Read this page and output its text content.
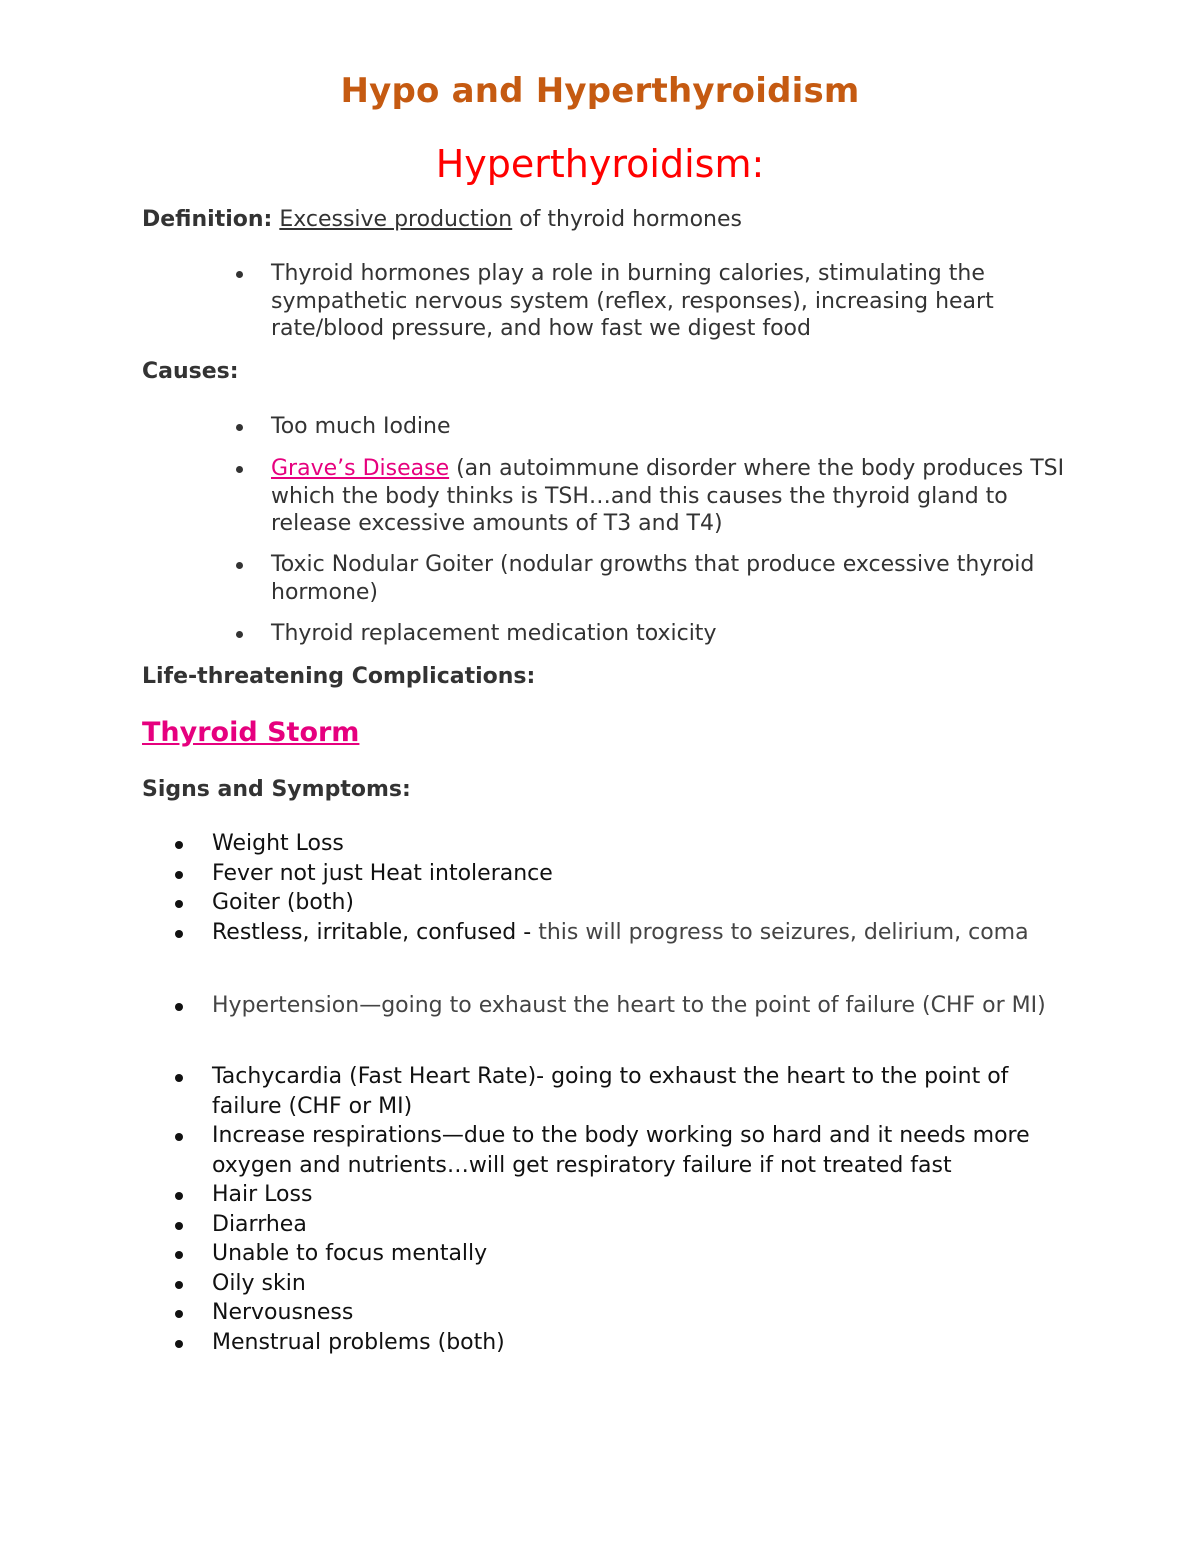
Hypo and Hyperthyroidism
Hyperthyroidism:

Definition: Excessive production of thyroid hormones

Thyroid hormones play a role in burning calories, stimulating the sympathetic nervous system (reflex, responses), increasing heart rate/blood pressure, and how fast we digest food

Causes:

Too much Iodine
Grave’s Disease (an autoimmune disorder where the body produces TSI which the body thinks is TSH…and this causes the thyroid gland to release excessive amounts of T3 and T4)
Toxic Nodular Goiter (nodular growths that produce excessive thyroid hormone)
Thyroid replacement medication toxicity

Life-threatening Complications:

Thyroid Storm

Signs and Symptoms:

Weight Loss
Fever not just Heat intolerance
Goiter (both)
Restless, irritable, confused - this will progress to seizures, delirium, coma
Hypertension—going to exhaust the heart to the point of failure (CHF or MI)
Tachycardia (Fast Heart Rate)- going to exhaust the heart to the point of failure (CHF or MI)
Increase respirations—due to the body working so hard and it needs more oxygen and nutrients…will get respiratory failure if not treated fast
Hair Loss
Diarrhea
Unable to focus mentally
Oily skin
Nervousness
Menstrual problems (both)
